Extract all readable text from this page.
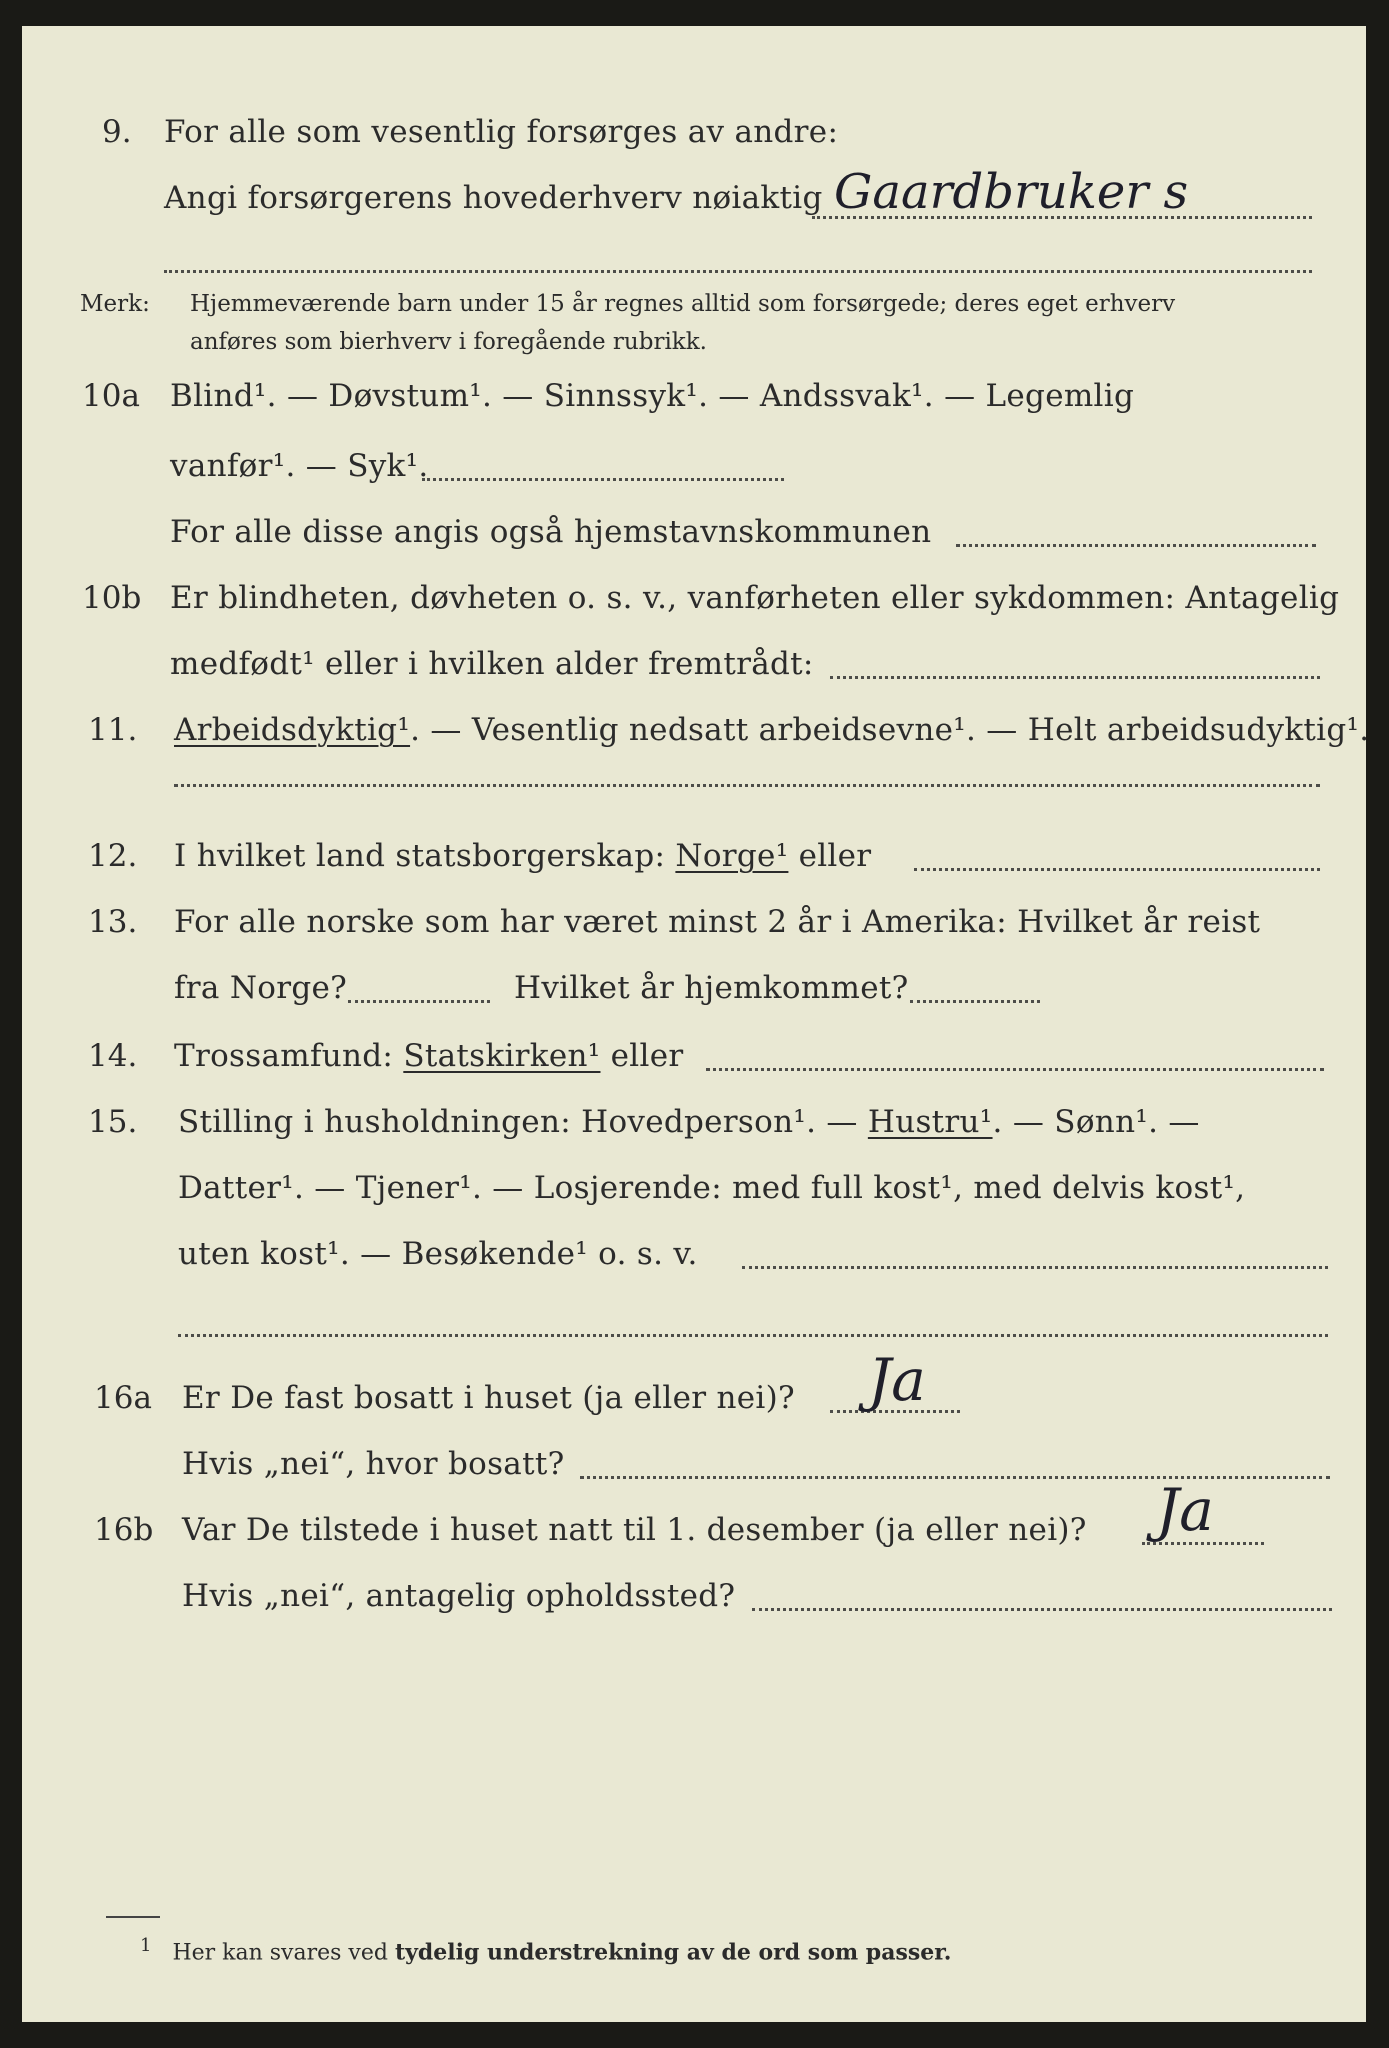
9. For alle som vesentlig forsørges av andre:
Angi forsørgerens hovederhverv nøiaktig Gaardbruker s
Merk: Hjemmeværende barn under 15 år regnes alltid som forsørgede; deres eget erhverv
anføres som bierhverv i foregående rubrikk.
10a Blind¹. — Døvstum¹. — Sinnssyk¹. — Andssvak¹. — Legemlig
vanfør¹. — Syk¹.
For alle disse angis også hjemstavnskommunen
10b Er blindheten, døvheten o. s. v., vanførheten eller sykdommen: Antagelig
medfødt¹ eller i hvilken alder fremtrådt:
11. Arbeidsdyktig¹. — Vesentlig nedsatt arbeidsevne¹. — Helt arbeidsudyktig¹.
12. I hvilket land statsborgerskap: Norge¹ eller
13. For alle norske som har været minst 2 år i Amerika: Hvilket år reist
fra Norge?	Hvilket år hjemkommet?
14. Trossamfund: Statskirken¹ eller
15. Stilling i husholdningen: Hovedperson¹. — Hustru¹. — Sønn¹. —
Datter¹. — Tjener¹. — Losjerende: med full kost¹, med delvis kost¹,
uten kost¹. — Besøkende¹ o. s. v.
16a Er De fast bosatt i huset (ja eller nei)? Ja
Hvis „nei“, hvor bosatt?
16b Var De tilstede i huset natt til 1. desember (ja eller nei)? Ja
Hvis „nei“, antagelig opholdssted?
$^1$ Her kan svares ved tydelig understrekning av de ord som passer.
